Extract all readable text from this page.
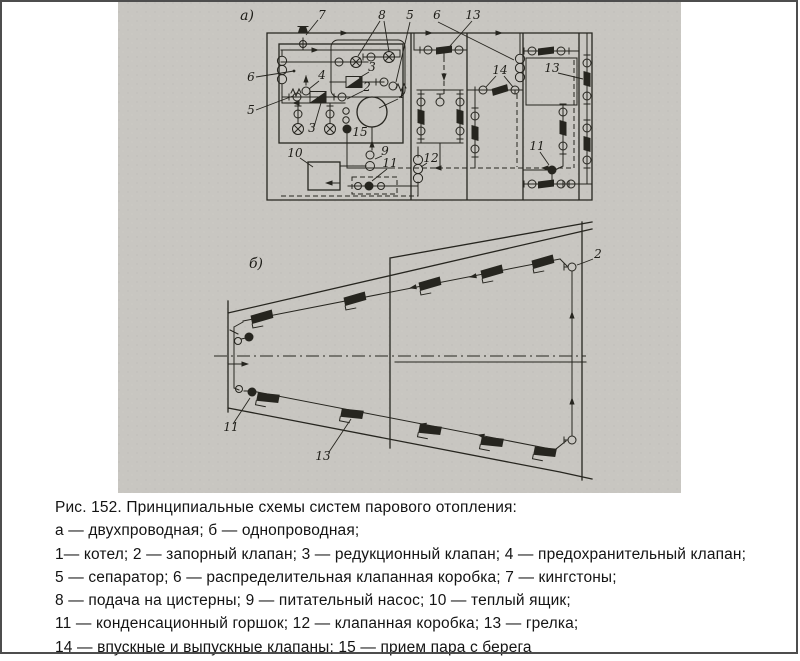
а)	7	8 5 6 13
6
5
4
3
2 1
3	15
10	9
11 12
14	13
11
б)
2
11
13
Рис. 152. Принципиальные схемы систем парового отопления:
а — двухпроводная; б — однопроводная;
1— котел; 2 — запорный клапан; 3 — редукционный клапан; 4 — предохранительный клапан;
5 — сепаратор; 6 — распределительная клапанная коробка; 7 — кингстоны;
8 — подача на цистерны; 9 — питательный насос; 10 — теплый ящик;
11 — конденсационный горшок; 12 — клапанная коробка; 13 — грелка;
14 — впускные и выпускные клапаны; 15 — прием пара с берега
